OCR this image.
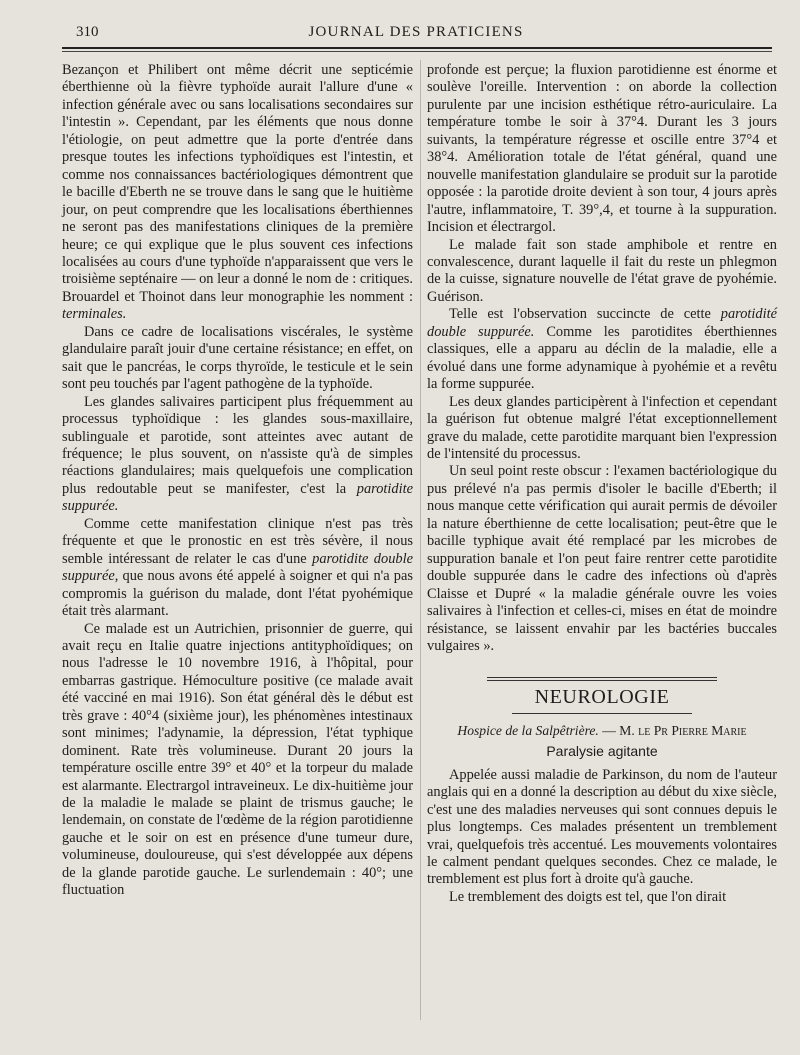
310	JOURNAL DES PRATICIENS

Bezançon et Philibert ont même décrit une septicémie éberthienne où la fièvre typhoïde aurait l'allure d'une « infection générale avec ou sans localisations secondaires sur l'intestin ». Cependant, par les éléments que nous donne l'étiologie, on peut admettre que la porte d'entrée dans presque toutes les infections typhoïdiques est l'intestin, et comme nos connaissances bactériologiques démontrent que le bacille d'Eberth ne se trouve dans le sang que le huitième jour, on peut comprendre que les localisations éberthiennes ne seront pas des manifestations cliniques de la première heure; ce qui explique que le plus souvent ces infections localisées au cours d'une typhoïde n'apparaissent que vers le troisième septénaire — on leur a donné le nom de : critiques. Brouardel et Thoinot dans leur monographie les nomment : terminales.

Dans ce cadre de localisations viscérales, le système glandulaire paraît jouir d'une certaine résistance; en effet, on sait que le pancréas, le corps thyroïde, le testicule et le sein sont peu touchés par l'agent pathogène de la typhoïde.

Les glandes salivaires participent plus fréquemment au processus typhoïdique : les glandes sous-maxillaire, sublinguale et parotide, sont atteintes avec autant de fréquence; le plus souvent, on n'assiste qu'à de simples réactions glandulaires; mais quelquefois une complication plus redoutable peut se manifester, c'est la parotidite suppurée.

Comme cette manifestation clinique n'est pas très fréquente et que le pronostic en est très sévère, il nous semble intéressant de relater le cas d'une parotidite double suppurée, que nous avons été appelé à soigner et qui n'a pas compromis la guérison du malade, dont l'état pyohémique était très alarmant.

Ce malade est un Autrichien, prisonnier de guerre, qui avait reçu en Italie quatre injections antityphoïdiques; on nous l'adresse le 10 novembre 1916, à l'hôpital, pour embarras gastrique. Hémoculture positive (ce malade avait été vacciné en mai 1916). Son état général dès le début est très grave : 40°4 (sixième jour), les phénomènes intestinaux sont minimes; l'adynamie, la dépression, l'état typhique dominent. Rate très volumineuse. Durant 20 jours la température oscille entre 39° et 40° et la torpeur du malade est alarmante. Electrargol intraveineux. Le dix-huitième jour de la maladie le malade se plaint de trismus gauche; le lendemain, on constate de l'œdème de la région parotidienne gauche et le soir on est en présence d'une tumeur dure, volumineuse, douloureuse, qui s'est développée aux dépens de la glande parotide gauche. Le surlendemain : 40°; une fluctuation

profonde est perçue; la fluxion parotidienne est énorme et soulève l'oreille. Intervention : on aborde la collection purulente par une incision esthétique rétro-auriculaire. La température tombe le soir à 37°4. Durant les 3 jours suivants, la température régresse et oscille entre 37°4 et 38°4. Amélioration totale de l'état général, quand une nouvelle manifestation glandulaire se produit sur la parotide opposée : la parotide droite devient à son tour, 4 jours après l'autre, inflammatoire, T. 39°,4, et tourne à la suppuration. Incision et électrargol.

Le malade fait son stade amphibole et rentre en convalescence, durant laquelle il fait du reste un phlegmon de la cuisse, signature nouvelle de l'état grave de pyohémie. Guérison.

Telle est l'observation succincte de cette parotidité double suppurée. Comme les parotidites éberthiennes classiques, elle a apparu au déclin de la maladie, elle a évolué dans une forme adynamique à pyohémie et a revêtu la forme suppurée.

Les deux glandes participèrent à l'infection et cependant la guérison fut obtenue malgré l'état exceptionnellement grave du malade, cette parotidite marquant bien l'expression de l'intensité du processus.

Un seul point reste obscur : l'examen bactériologique du pus prélevé n'a pas permis d'isoler le bacille d'Eberth; il nous manque cette vérification qui aurait permis de dévoiler la nature éberthienne de cette localisation; peut-être que le bacille typhique avait été remplacé par les microbes de suppuration banale et l'on peut faire rentrer cette parotidite double suppurée dans le cadre des infections où d'après Claisse et Dupré « la maladie générale ouvre les voies salivaires à l'infection et celles-ci, mises en état de moindre résistance, se laissent envahir par les bactéries buccales vulgaires ».

NEUROLOGIE
Hospice de la Salpêtrière. — M. le Pr Pierre Marie
Paralysie agitante

Appelée aussi maladie de Parkinson, du nom de l'auteur anglais qui en a donné la description au début du xixe siècle, c'est une des maladies nerveuses qui sont connues depuis le plus longtemps. Ces malades présentent un tremblement vrai, quelquefois très accentué. Les mouvements volontaires le calment pendant quelques secondes. Chez ce malade, le tremblement est plus fort à droite qu'à gauche.

Le tremblement des doigts est tel, que l'on dirait
